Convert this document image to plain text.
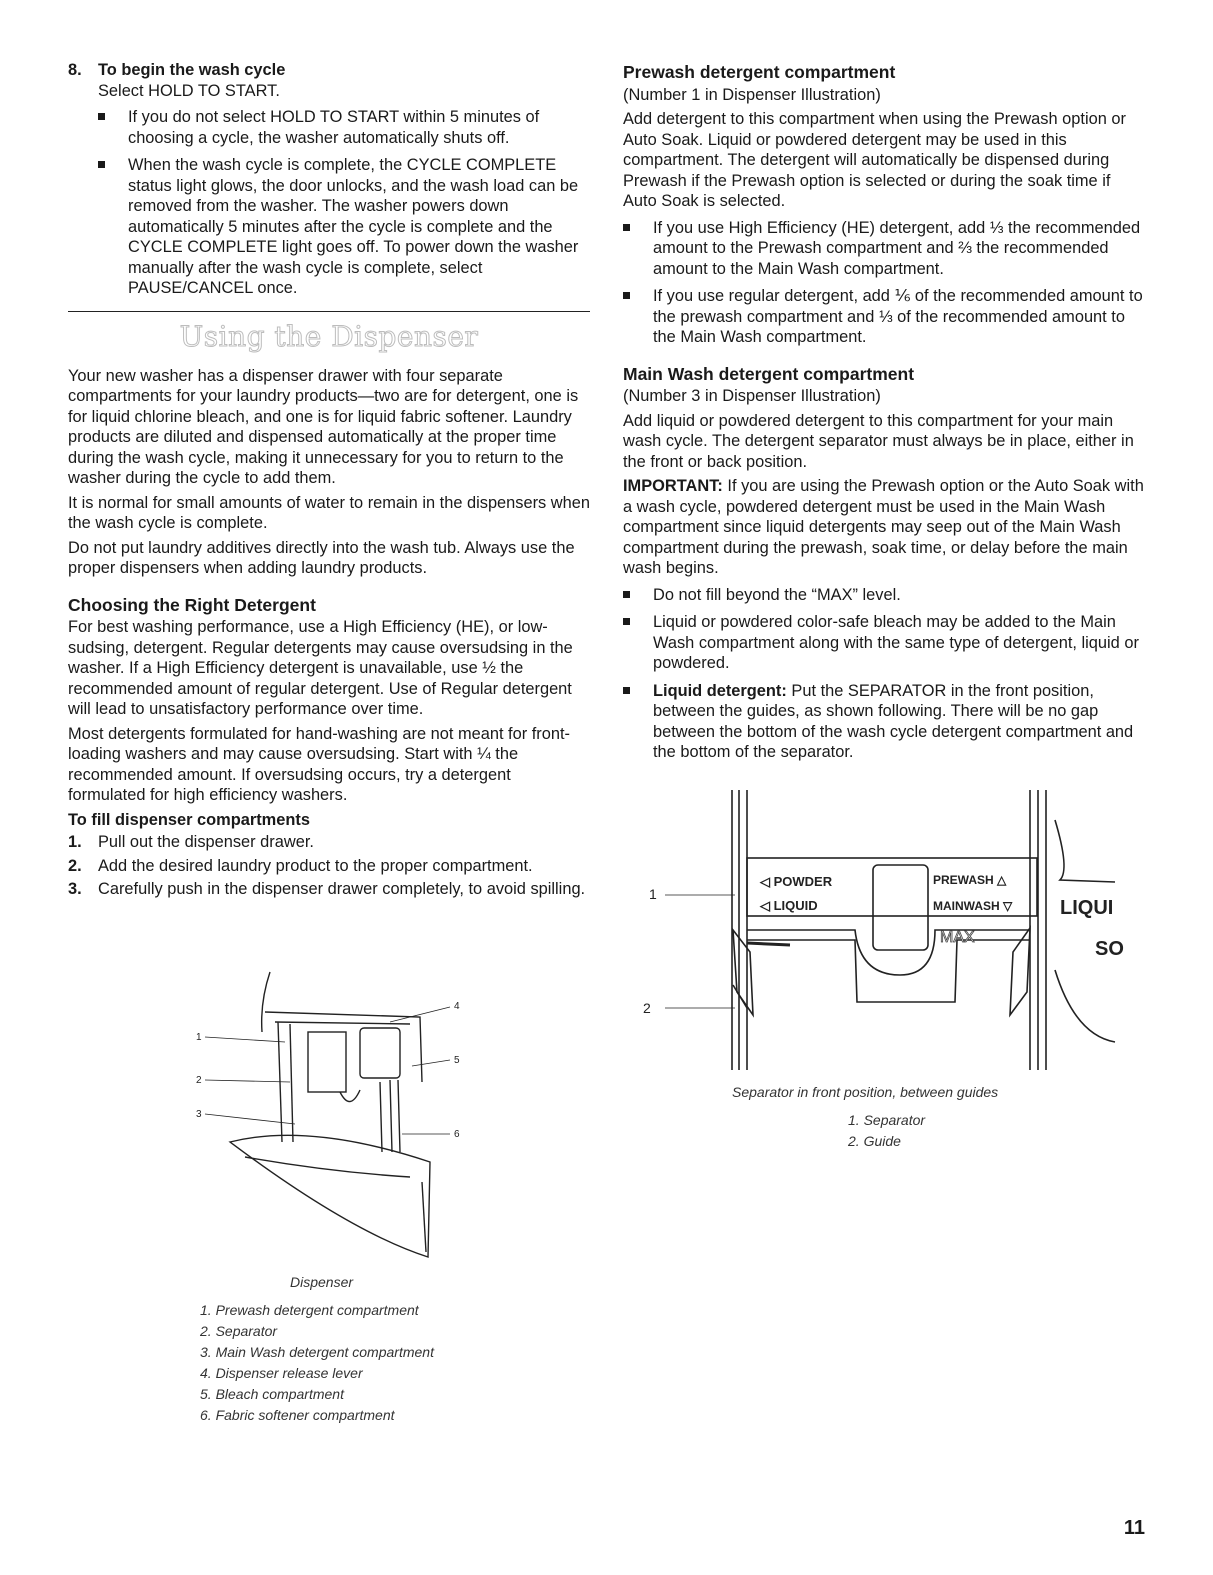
8. To begin the wash cycle
Select HOLD TO START.
If you do not select HOLD TO START within 5 minutes of choosing a cycle, the washer automatically shuts off.
When the wash cycle is complete, the CYCLE COMPLETE status light glows, the door unlocks, and the wash load can be removed from the washer. The washer powers down automatically 5 minutes after the cycle is complete and the CYCLE COMPLETE light goes off. To power down the washer manually after the wash cycle is complete, select PAUSE/CANCEL once.
Using the Dispenser

Your new washer has a dispenser drawer with four separate compartments for your laundry products—two are for detergent, one is for liquid chlorine bleach, and one is for liquid fabric softener. Laundry products are diluted and dispensed automatically at the proper time during the wash cycle, making it unnecessary for you to return to the washer during the cycle to add them.

It is normal for small amounts of water to remain in the dispensers when the wash cycle is complete.

Do not put laundry additives directly into the wash tub. Always use the proper dispensers when adding laundry products.

Choosing the Right Detergent

For best washing performance, use a High Efficiency (HE), or low-sudsing, detergent. Regular detergents may cause oversudsing in the washer. If a High Efficiency detergent is unavailable, use ½ the recommended amount of regular detergent. Use of Regular detergent will lead to unsatisfactory performance over time.

Most detergents formulated for hand-washing are not meant for front-loading washers and may cause oversudsing. Start with ¼ the recommended amount. If oversudsing occurs, try a detergent formulated for high efficiency washers.

To fill dispenser compartments
1. Pull out the dispenser drawer.
2. Add the desired laundry product to the proper compartment.
3. Carefully push in the dispenser drawer completely, to avoid spilling.
1
2
3
4
5
6
Dispenser
1. Prewash detergent compartment
2. Separator
3. Main Wash detergent compartment
4. Dispenser release lever
5. Bleach compartment
6. Fabric softener compartment
Prewash detergent compartment

(Number 1 in Dispenser Illustration)

Add detergent to this compartment when using the Prewash option or Auto Soak. Liquid or powdered detergent may be used in this compartment. The detergent will automatically be dispensed during Prewash if the Prewash option is selected or during the soak time if Auto Soak is selected.

If you use High Efficiency (HE) detergent, add ⅓ the recommended amount to the Prewash compartment and ⅔ the recommended amount to the Main Wash compartment.
If you use regular detergent, add ⅙ of the recommended amount to the prewash compartment and ⅓ of the recommended amount to the Main Wash compartment.
Main Wash detergent compartment

(Number 3 in Dispenser Illustration)

Add liquid or powdered detergent to this compartment for your main wash cycle. The detergent separator must always be in place, either in the front or back position.

IMPORTANT: If you are using the Prewash option or the Auto Soak with a wash cycle, powdered detergent must be used in the Main Wash compartment since liquid detergents may seep out of the Main Wash compartment during the prewash, soak time, or delay before the main wash begins.

Do not fill beyond the “MAX” level.
Liquid or powdered color-safe bleach may be added to the Main Wash compartment along with the same type of detergent, liquid or powdered.
Liquid detergent: Put the SEPARATOR in the front position, between the guides, as shown following. There will be no gap between the bottom of the wash cycle detergent compartment and the bottom of the separator.
◁ POWDER
◁ LIQUID
PREWASH △
MAINWASH ▽
MAX
LIQUI
SO
1
2
Separator in front position, between guides
1. Separator
2. Guide
11
